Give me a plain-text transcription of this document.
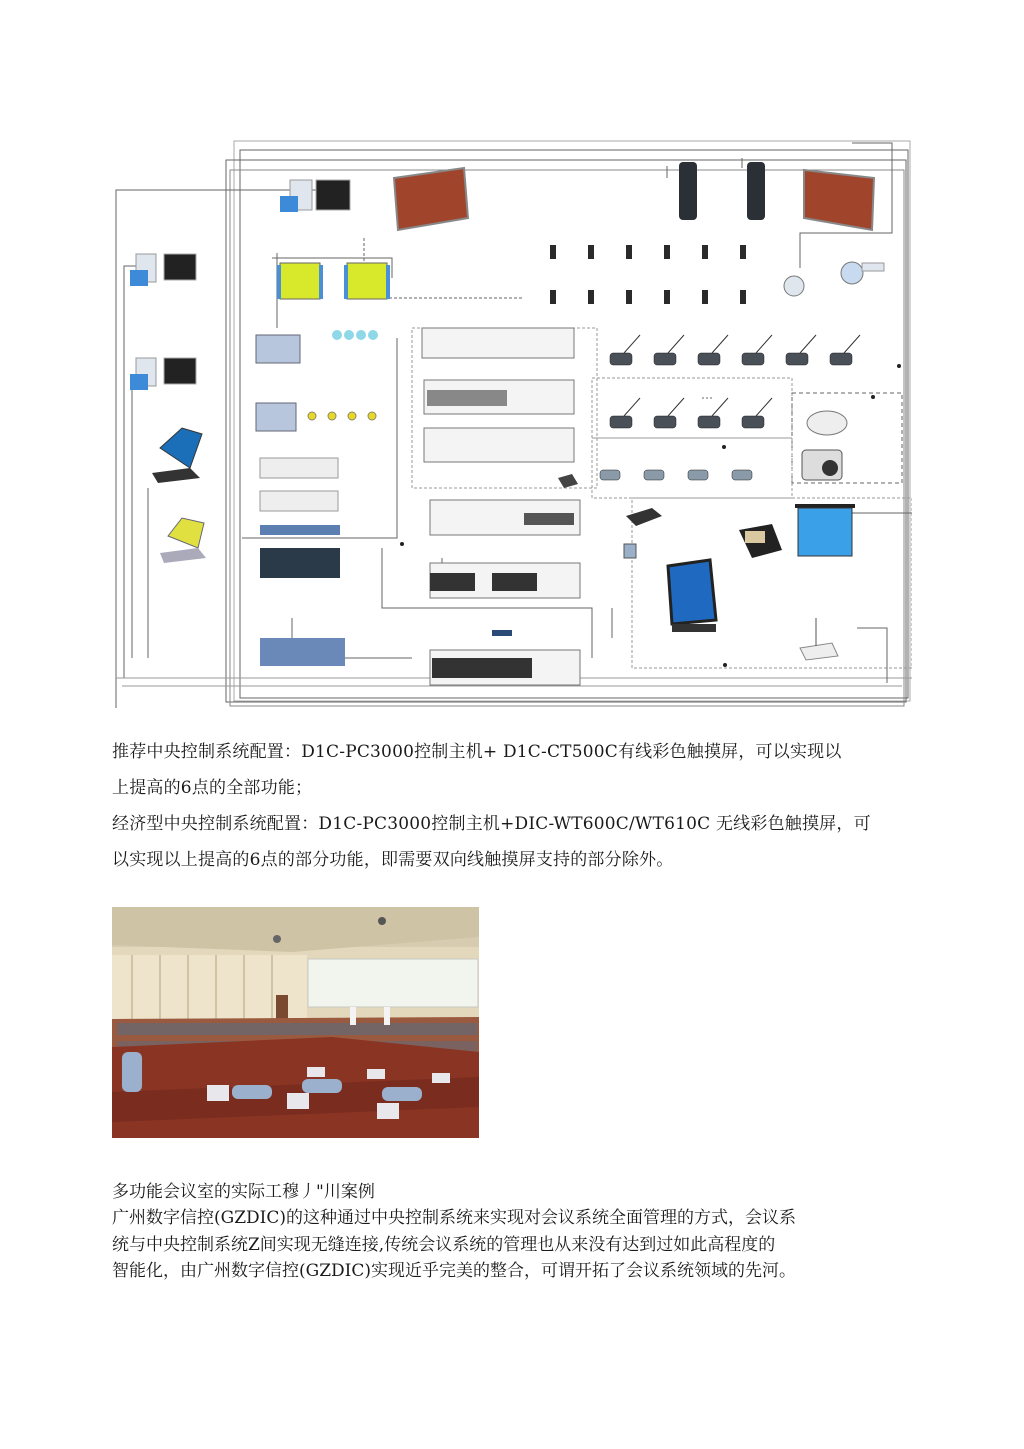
推荐中央控制系统配置：D1C-PC3000控制主机+ D1C-CT500C有线彩色触摸屏，可以实现以
上提高的6点的全部功能；
经济型中央控制系统配置：D1C-PC3000控制主机+DIC-WT600C/WT610C 无线彩色触摸屏，可
以实现以上提高的6点的部分功能，即需要双向线触摸屏支持的部分除外。
多功能会议室的实际工穆丿"川案例
广州数字信控(GZDIC)的这种通过中央控制系统来实现对会议系统全面管理的方式，会议系
统与中央控制系统Z间实现无缝连接,传统会议系统的管理也从来没有达到过如此高程度的
智能化，由广州数字信控(GZDIC)实现近乎完美的整合，可谓开拓了会议系统领域的先河。
